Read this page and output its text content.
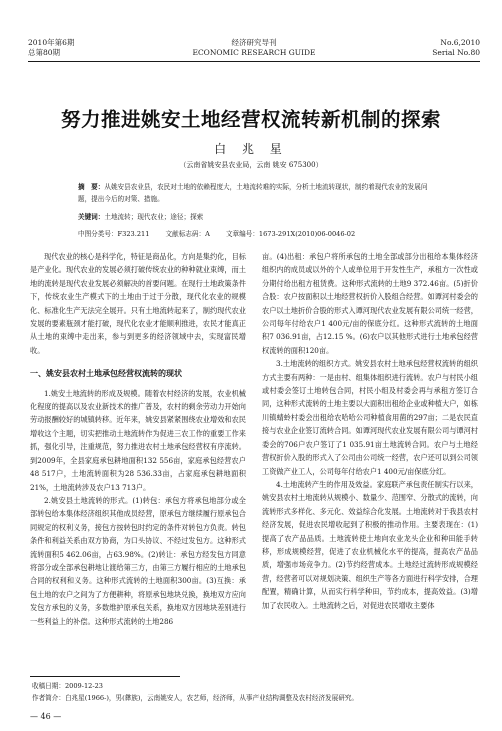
2010年第6期
总第80期
经济研究导刊
ECONOMIC RESEARCH GUIDE
No.6,2010
Serial No.80
努力推进姚安土地经营权流转新机制的探索
白 兆 星
（云南省姚安县农业局，云南 姚安 675300）
摘　要：从姚安县农业县，农民对土地的依赖程度大，土地流转难的实际，分析土地流转现状，制约着现代农业的发展问题，提出今后的对策、措施。
关键词：土地流转；现代农业；途径；探索
中图分类号：F323.211 文献标志码：A 文章编号：1673-291X(2010)06-0046-02

现代农业的核心是科学化，特征是商品化，方向是集约化，目标是产业化。现代农业的发展必须打破传统农业的种种就业束缚，而土地的流转是现代农业发展必须解决的首要问题。在现行土地政策条件下，传统农业生产模式下的土地由于过于分散，现代化农业的规模化、标准化生产无法完全展开。只有土地流转起来了，制约现代农业发展的要素瓶颈才能打破，现代化农业才能顺利推进，农民才能真正从土地的束缚中走出来，参与到更多的经济领域中去，实现富民增收。

一、姚安县农村土地承包经营权流转的现状

1.姚安土地流转的形成及规模。随着农村经济的发展，农业机械化程度的提高以及农业新技术的推广普及，农村的剩余劳动力开始向劳动报酬较好的城镇转移。近年来，姚安县紧紧围绕农业增效和农民增收这个主题，切实把推动土地流转作为促进三农工作的重要工作来抓，强化引导，注重规范，努力推进农村土地承包经营权有序流转。到2009年，全县家庭承包耕地面积132 556亩，家庭承包经营农户48 517户，土地流转面积为28 536.33亩，占家庭承包耕地面积21%，土地流转涉及农户13 713户。

2.姚安县土地流转的形式。(1)转包：承包方将承包地部分或全部转包给本集体经济组织其他成员经营，原承包方继续履行原承包合同规定的权利义务，接包方按转包时约定的条件对转包方负责。转包条件和利益关系由双方协商，为口头协议、不经过发包方。这种形式流转面积5 462.06亩，占63.98%。(2)转让：承包方经发包方同意将部分或全部承包耕地让渡给第三方，由第三方履行相应的土地承包合同的权利和义务。这种形式流转的土地面积300亩。(3)互换：承包土地的农户之间为了方便耕种，将原承包地块兑换，换地双方应向发包方承包的义务，多数维护原承包关系，换地双方因地块差别进行一些利益上的补偿。这种形式流转的土地286

亩。(4)出租：承包户将所承包的土地全部或部分出租给本集体经济组织内的成员或以外的个人或单位用于开发性生产，承租方一次性或分期付给出租方租赁费。这种形式流转的土地9 372.46亩。(5)折价合股：农户按面积以土地经营权折价入股组合经营。如谭河村委会的农户以土地折价合股的形式入谭河现代农业发展有限公司统一经营，公司每年付给农户1 400元/亩的保底分红。这种形式流转的土地面积7 036.91亩，占12.15 %。(6)农户以其他形式进行土地承包经营权流转的面积120亩。

3.土地流转的组织方式。姚安县农村土地承包经营权流转的组织方式主要有两种：一是由村、组集体组织进行流转。农户与村民小组或村委会签订土地转包合同，村民小组及村委会再与承租方签订合同，这种形式流转的土地主要以大面积出租给企业或种植大户，如栋川镇蜻蛉村委会出租给农哈哈公司种植食用菌的297亩；二是农民直接与农业企业签订流转合同。如谭河现代农业发展有限公司与谭河村委会的706户农户签订了1 035.91亩土地流转合同。农户与土地经营权折价入股的形式入了公司由公司统一经营，农户还可以到公司领工资做产业工人，公司每年付给农户1 400元/亩保底分红。

4.土地流转产生的作用及效益。家庭联产承包责任制实行以来，姚安县农村土地流转从规模小、数量少、范围窄、分散式的流转，向流转形式多样化、多元化、效益综合化发展。土地流转对于我县农村经济发展，促进农民增收起到了积极的推动作用。主要表现在：(1)提高了农产品品质。土地流转使土地向农业龙头企业和种田能手转移，形成规模经营，促进了农业机械化水平的提高，提高农产品品质，增强市场竞争力。(2)节约经营成本。土地经过流转形成规模经营，经营者可以对规划决策、组织生产等各方面进行科学安排，合理配置，精确计算，从而实行科学种田，节约成本，提高效益。(3)增加了农民收入。土地流转之后，对促进农民增收主要体

收稿日期：2009-12-23
作者简介：白兆星(1966-)，男(彝族)，云南姚安人，农艺师，经济师，从事产业结构调整及农村经济发展研究。
— 46 —
